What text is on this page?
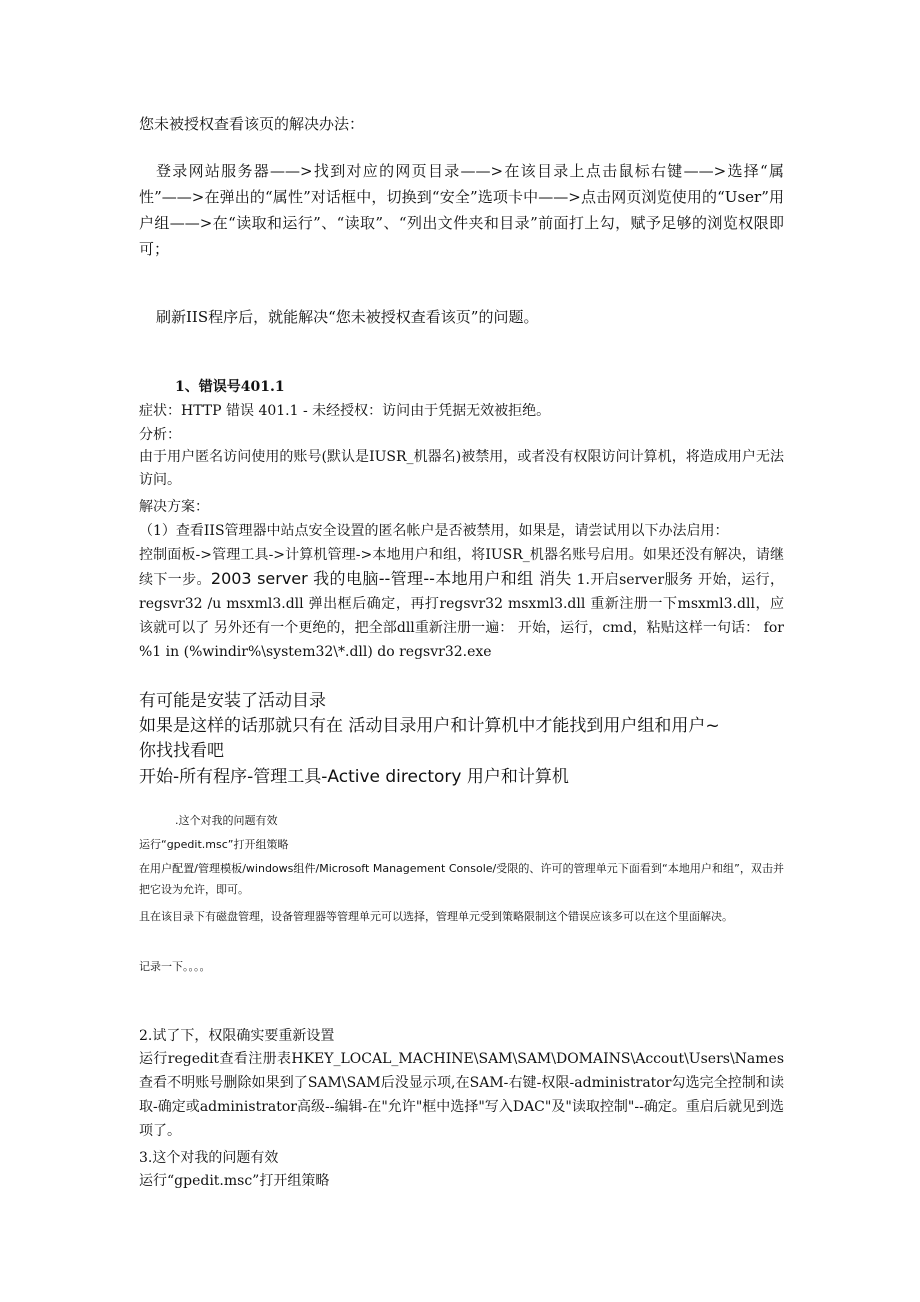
您未被授权查看该页的解决办法：
登录网站服务器——>找到对应的网页目录——>在该目录上点击鼠标右键——>选择“属性”——>在弹出的“属性”对话框中，切换到“安全”选项卡中——>点击网页浏览使用的“User”用户组——>在“读取和运行”、“读取”、“列出文件夹和目录”前面打上勾，赋予足够的浏览权限即可；
刷新IIS程序后，就能解决“您未被授权查看该页”的问题。
1、错误号401.1
症状：HTTP 错误 401.1 - 未经授权：访问由于凭据无效被拒绝。
分析：
由于用户匿名访问使用的账号(默认是IUSR_机器名)被禁用，或者没有权限访问计算机，将造成用户无法访问。
解决方案：
（1）查看IIS管理器中站点安全设置的匿名帐户是否被禁用，如果是，请尝试用以下办法启用：
控制面板->管理工具->计算机管理->本地用户和组，将IUSR_机器名账号启用。如果还没有解决，请继续下一步。2003 server 我的电脑--管理--本地用户和组 消失 1.开启server服务 开始，运行，regsvr32 /u msxml3.dll 弹出框后确定，再打regsvr32 msxml3.dll 重新注册一下msxml3.dll，应该就可以了 另外还有一个更绝的，把全部dll重新注册一遍： 开始，运行，cmd，粘贴这样一句话： for %1 in (%windir%\system32\*.dll) do regsvr32.exe
有可能是安装了活动目录
如果是这样的话那就只有在 活动目录用户和计算机中才能找到用户组和用户~
你找找看吧
开始-所有程序-管理工具-Active directory 用户和计算机
.这个对我的问题有效
运行“gpedit.msc”打开组策略
在用户配置/管理模板/windows组件/Microsoft Management Console/受限的、许可的管理单元下面看到“本地用户和组”，双击并把它设为允许，即可。
且在该目录下有磁盘管理，设备管理器等管理单元可以选择，管理单元受到策略限制这个错误应该多可以在这个里面解决。
记录一下。。。。
2.试了下，权限确实要重新设置
运行regedit查看注册表HKEY_LOCAL_MACHINE\SAM\SAM\DOMAINS\Accout\Users\Names　　查看不明账号删除如果到了SAM\SAM后没显示项,在SAM-右键-权限-administrator勾选完全控制和读取-确定或administrator高级--编辑-在"允许"框中选择"写入DAC"及"读取控制"--确定。重启后就见到选项了。
3.这个对我的问题有效
运行“gpedit.msc”打开组策略
